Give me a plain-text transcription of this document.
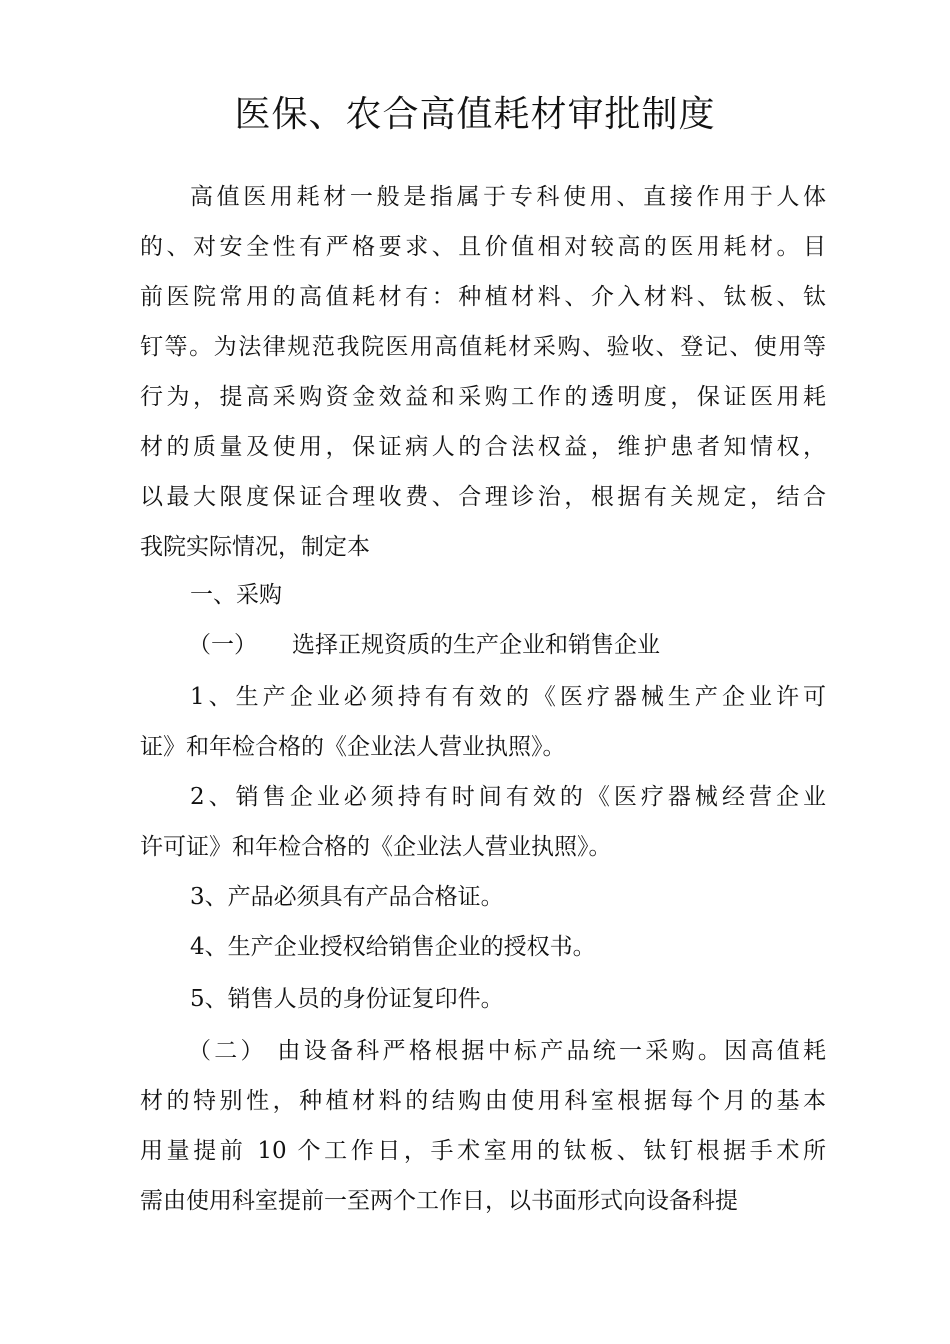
医保、农合高值耗材审批制度
高值医用耗材一般是指属于专科使用、直接作用于人体
的、对安全性有严格要求、且价值相对较高的医用耗材。目
前医院常用的高值耗材有：种植材料、介入材料、钛板、钛
钉等。为法律规范我院医用高值耗材采购、验收、登记、使用等
行为，提高采购资金效益和采购工作的透明度，保证医用耗
材的质量及使用，保证病人的合法权益，维护患者知情权，
以最大限度保证合理收费、合理诊治，根据有关规定，结合
我院实际情况，制定本
一、采购
（一） 选择正规资质的生产企业和销售企业
1、生产企业必须持有有效的《医疗器械生产企业许可
证》和年检合格的《企业法人营业执照》。
2、销售企业必须持有时间有效的《医疗器械经营企业
许可证》和年检合格的《企业法人营业执照》。
3、产品必须具有产品合格证。
4、生产企业授权给销售企业的授权书。
5、销售人员的身份证复印件。
（二） 由设备科严格根据中标产品统一采购。因高值耗
材的特别性，种植材料的结购由使用科室根据每个月的基本
用量提前 10 个工作日，手术室用的钛板、钛钉根据手术所
需由使用科室提前一至两个工作日，以书面形式向设备科提
